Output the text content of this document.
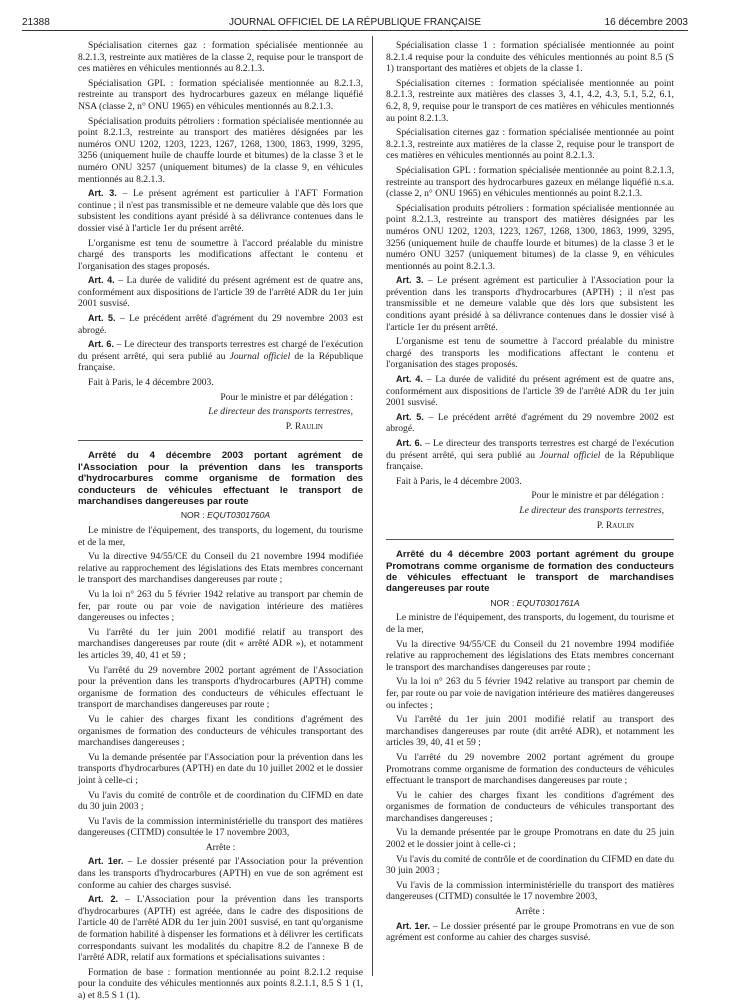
21388	JOURNAL OFFICIEL DE LA RÉPUBLIQUE FRANÇAISE	16 décembre 2003

Spécialisation citernes gaz : formation spécialisée mentionnée au 8.2.1.3, restreinte aux matières de la classe 2, requise pour le transport de ces matières en véhicules mentionnés au 8.2.1.3.

Spécialisation GPL : formation spécialisée mentionnée au 8.2.1.3, restreinte au transport des hydrocarbures gazeux en mélange liquéfié NSA (classe 2, n° ONU 1965) en véhicules mentionnés au 8.2.1.3.

Spécialisation produits pétroliers : formation spécialisée mentionnée au point 8.2.1.3, restreinte au transport des matières désignées par les numéros ONU 1202, 1203, 1223, 1267, 1268, 1300, 1863, 1999, 3295, 3256 (uniquement huile de chauffe lourde et bitumes) de la classe 3 et le numéro ONU 3257 (uniquement bitumes) de la classe 9, en véhicules mentionnés au 8.2.1.3.

Art. 3. – Le présent agrément est particulier à l'AFT Formation continue ; il n'est pas transmissible et ne demeure valable que dès lors que subsistent les conditions ayant présidé à sa délivrance contenues dans le dossier visé à l'article 1er du présent arrêté.

L'organisme est tenu de soumettre à l'accord préalable du ministre chargé des transports les modifications affectant le contenu et l'organisation des stages proposés.

Art. 4. – La durée de validité du présent agrément est de quatre ans, conformément aux dispositions de l'article 39 de l'arrêté ADR du 1er juin 2001 susvisé.

Art. 5. – Le précédent arrêté d'agrément du 29 novembre 2003 est abrogé.

Art. 6. – Le directeur des transports terrestres est chargé de l'exécution du présent arrêté, qui sera publié au Journal officiel de la République française.

Fait à Paris, le 4 décembre 2003.

Pour le ministre et par délégation :

Le directeur des transports terrestres,

P. Raulin

Arrêté du 4 décembre 2003 portant agrément de l'Association pour la prévention dans les transports d'hydrocarbures comme organisme de formation des conducteurs de véhicules effectuant le transport de marchandises dangereuses par route

NOR : EQUT0301760A

Le ministre de l'équipement, des transports, du logement, du tourisme et de la mer,

Vu la directive 94/55/CE du Conseil du 21 novembre 1994 modifiée relative au rapprochement des législations des Etats membres concernant le transport des marchandises dangereuses par route ;

Vu la loi n° 263 du 5 février 1942 relative au transport par chemin de fer, par route ou par voie de navigation intérieure des matières dangereuses ou infectes ;

Vu l'arrêté du 1er juin 2001 modifié relatif au transport des marchandises dangereuses par route (dit « arrêté ADR »), et notamment les articles 39, 40, 41 et 59 ;

Vu l'arrêté du 29 novembre 2002 portant agrément de l'Association pour la prévention dans les transports d'hydrocarbures (APTH) comme organisme de formation des conducteurs de véhicules effectuant le transport de marchandises dangereuses par route ;

Vu le cahier des charges fixant les conditions d'agrément des organismes de formation des conducteurs de véhicules transportant des marchandises dangereuses ;

Vu la demande présentée par l'Association pour la prévention dans les transports d'hydrocarbures (APTH) en date du 10 juillet 2002 et le dossier joint à celle-ci ;

Vu l'avis du comité de contrôle et de coordination du CIFMD en date du 30 juin 2003 ;

Vu l'avis de la commission interministérielle du transport des matières dangereuses (CITMD) consultée le 17 novembre 2003,

Arrête :

Art. 1er. – Le dossier présenté par l'Association pour la prévention dans les transports d'hydrocarbures (APTH) en vue de son agrément est conforme au cahier des charges susvisé.

Art. 2. – L'Association pour la prévention dans les transports d'hydrocarbures (APTH) est agréée, dans le cadre des dispositions de l'article 40 de l'arrêté ADR du 1er juin 2001 susvisé, en tant qu'organisme de formation habilité à dispenser les formations et à délivrer les certificats correspondants suivant les modalités du chapitre 8.2 de l'annexe B de l'arrêté ADR, relatif aux formations et spécialisations suivantes :

Formation de base : formation mentionnée au point 8.2.1.2 requise pour la conduite des véhicules mentionnés aux points 8.2.1.1, 8.5 S 1 (1, a) et 8.5 S 1 (1).

Spécialisation classe 1 : formation spécialisée mentionnée au point 8.2.1.4 requise pour la conduite des véhicules mentionnés au point 8.5 (S 1) transportant des matières et objets de la classe 1.

Spécialisation citernes : formation spécialisée mentionnée au point 8.2.1.3, restreinte aux matières des classes 3, 4.1, 4.2, 4.3, 5.1, 5.2, 6.1, 6.2, 8, 9, requise pour le transport de ces matières en véhicules mentionnés au point 8.2.1.3.

Spécialisation citernes gaz : formation spécialisée mentionnée au point 8.2.1.3, restreinte aux matières de la classe 2, requise pour le transport de ces matières en véhicules mentionnés au point 8.2.1.3.

Spécialisation GPL : formation spécialisée mentionnée au point 8.2.1.3, restreinte au transport des hydrocarbures gazeux en mélange liquéfié n.s.a. (classe 2, n° ONU 1965) en véhicules mentionnés au point 8.2.1.3.

Spécialisation produits pétroliers : formation spécialisée mentionnée au point 8.2.1.3, restreinte au transport des matières désignées par les numéros ONU 1202, 1203, 1223, 1267, 1268, 1300, 1863, 1999, 3295, 3256 (uniquement huile de chauffe lourde et bitumes) de la classe 3 et le numéro ONU 3257 (uniquement bitumes) de la classe 9, en véhicules mentionnés au point 8.2.1.3.

Art. 3. – Le présent agrément est particulier à l'Association pour la prévention dans les transports d'hydrocarbures (APTH) ; il n'est pas transmissible et ne demeure valable que dès lors que subsistent les conditions ayant présidé à sa délivrance contenues dans le dossier visé à l'article 1er du présent arrêté.

L'organisme est tenu de soumettre à l'accord préalable du ministre chargé des transports les modifications affectant le contenu et l'organisation des stages proposés.

Art. 4. – La durée de validité du présent agrément est de quatre ans, conformément aux dispositions de l'article 39 de l'arrêté ADR du 1er juin 2001 susvisé.

Art. 5. – Le précédent arrêté d'agrément du 29 novembre 2002 est abrogé.

Art. 6. – Le directeur des transports terrestres est chargé de l'exécution du présent arrêté, qui sera publié au Journal officiel de la République française.

Fait à Paris, le 4 décembre 2003.

Pour le ministre et par délégation :

Le directeur des transports terrestres,

P. Raulin

Arrêté du 4 décembre 2003 portant agrément du groupe Promotrans comme organisme de formation des conducteurs de véhicules effectuant le transport de marchandises dangereuses par route

NOR : EQUT0301761A

Le ministre de l'équipement, des transports, du logement, du tourisme et de la mer,

Vu la directive 94/55/CE du Conseil du 21 novembre 1994 modifiée relative au rapprochement des législations des Etats membres concernant le transport des marchandises dangereuses par route ;

Vu la loi n° 263 du 5 février 1942 relative au transport par chemin de fer, par route ou par voie de navigation intérieure des matières dangereuses ou infectes ;

Vu l'arrêté du 1er juin 2001 modifié relatif au transport des marchandises dangereuses par route (dit arrêté ADR), et notamment les articles 39, 40, 41 et 59 ;

Vu l'arrêté du 29 novembre 2002 portant agrément du groupe Promotrans comme organisme de formation des conducteurs de véhicules effectuant le transport de marchandises dangereuses par route ;

Vu le cahier des charges fixant les conditions d'agrément des organismes de formation de conducteurs de véhicules transportant des marchandises dangereuses ;

Vu la demande présentée par le groupe Promotrans en date du 25 juin 2002 et le dossier joint à celle-ci ;

Vu l'avis du comité de contrôle et de coordination du CIFMD en date du 30 juin 2003 ;

Vu l'avis de la commission interministérielle du transport des matières dangereuses (CITMD) consultée le 17 novembre 2003,

Arrête :

Art. 1er. – Le dossier présenté par le groupe Promotrans en vue de son agrément est conforme au cahier des charges susvisé.
